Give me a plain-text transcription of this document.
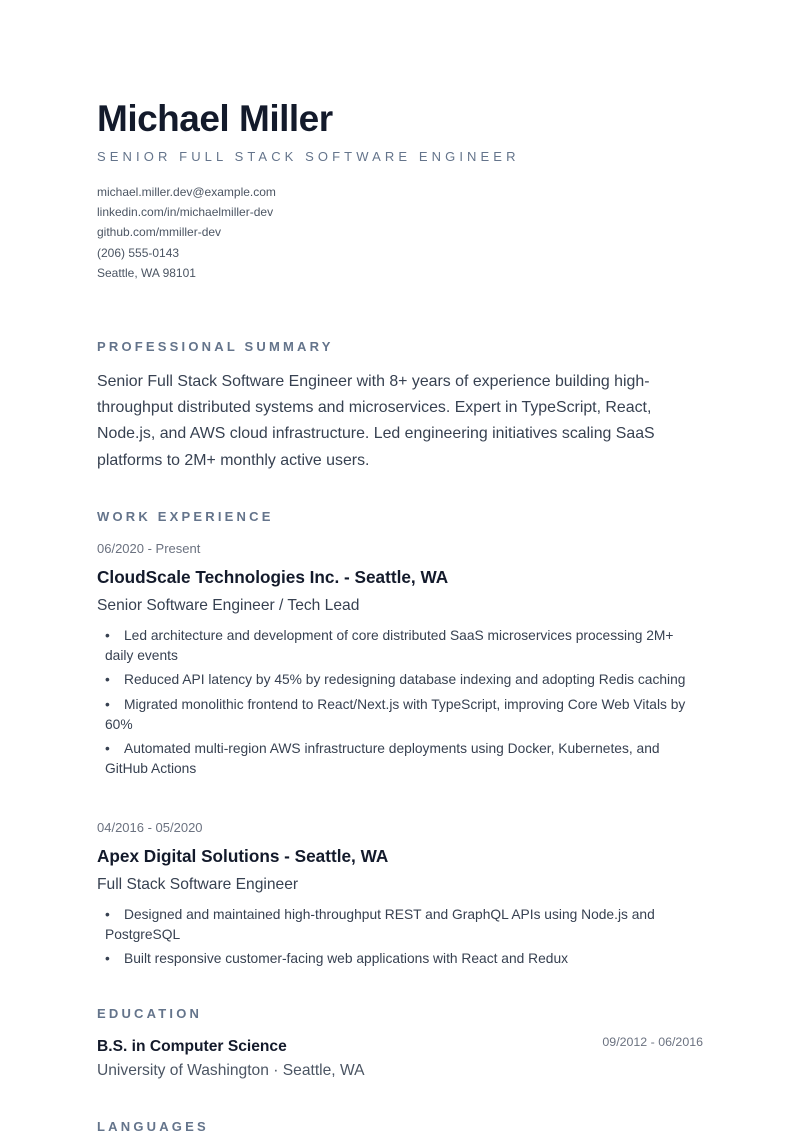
Michael Miller
SENIOR FULL STACK SOFTWARE ENGINEER
michael.miller.dev@example.com
linkedin.com/in/michaelmiller-dev
github.com/mmiller-dev
(206) 555-0143
Seattle, WA 98101
PROFESSIONAL SUMMARY

Senior Full Stack Software Engineer with 8+ years of experience building high-throughput distributed systems and microservices. Expert in TypeScript, React, Node.js, and AWS cloud infrastructure. Led engineering initiatives scaling SaaS platforms to 2M+ monthly active users.

WORK EXPERIENCE
06/2020 - Present
CloudScale Technologies Inc. - Seattle, WA
Senior Software Engineer / Tech Lead
•	Led architecture and development of core distributed SaaS microservices processing 2M+ daily events
•	Reduced API latency by 45% by redesigning database indexing and adopting Redis caching
•	Migrated monolithic frontend to React/Next.js with TypeScript, improving Core Web Vitals by 60%
•	Automated multi-region AWS infrastructure deployments using Docker, Kubernetes, and GitHub Actions
04/2016 - 05/2020
Apex Digital Solutions - Seattle, WA
Full Stack Software Engineer
•	Designed and maintained high-throughput REST and GraphQL APIs using Node.js and PostgreSQL
•	Built responsive customer-facing web applications with React and Redux
EDUCATION
B.S. in Computer Science	09/2012 - 06/2016
University of Washington · Seattle, WA
LANGUAGES
